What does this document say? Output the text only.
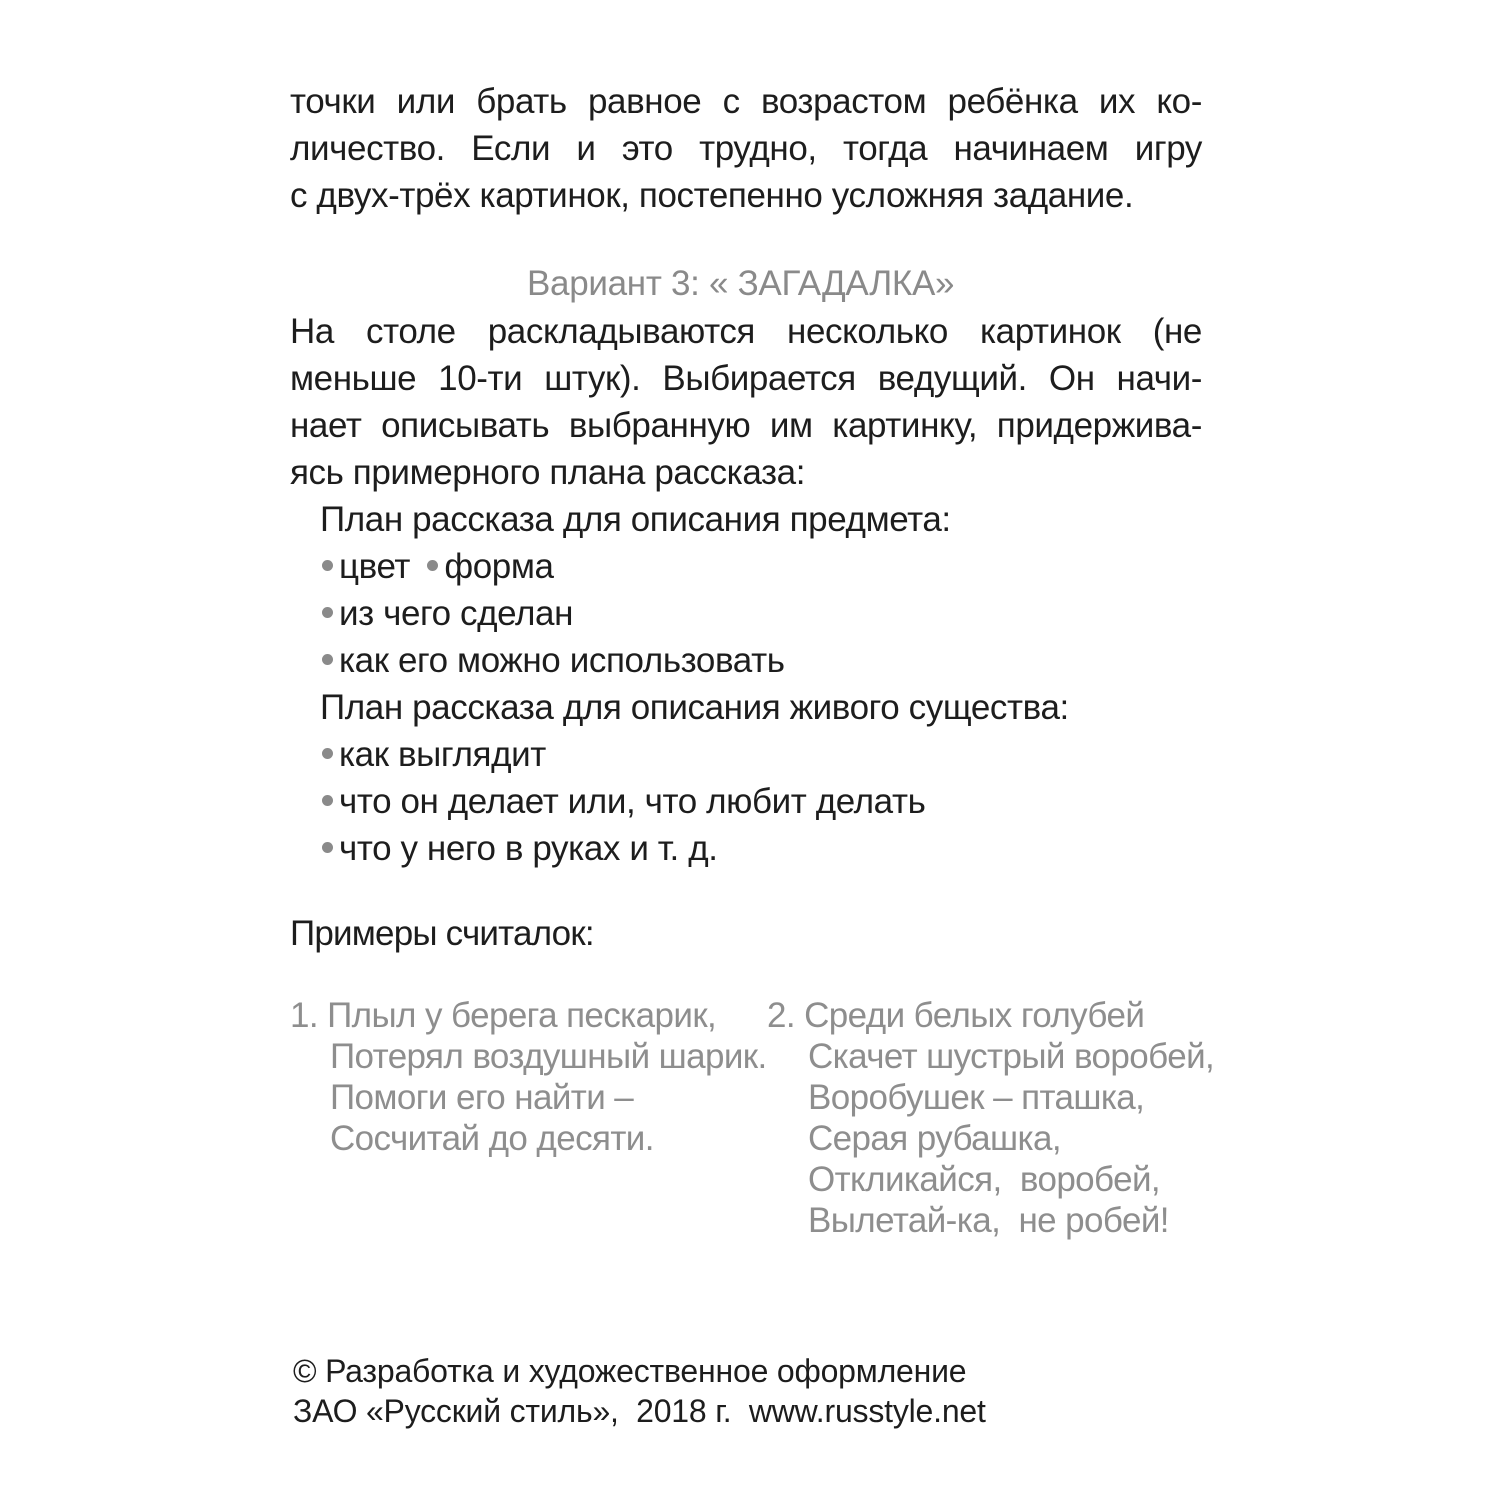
точки или брать равное с возрастом ребёнка их ко-
личество. Если и это трудно, тогда начинаем игру
с двух-трёх картинок, постепенно усложняя задание.
Вариант 3: « ЗАГАДАЛКА»
На столе раскладываются несколько картинок (не
меньше 10-ти штук). Выбирается ведущий. Он начи-
нает описывать выбранную им картинку, придержива-
ясь примерного плана рассказа:
План рассказа для описания предмета:
цвет форма
из чего сделан
как его можно использовать
План рассказа для описания живого существа:
как выглядит
что он делает или, что любит делать
что у него в руках и т. д.
Примеры считалок:
1. Плыл у берега пескарик,
Потерял воздушный шарик.
Помоги его найти –
Сосчитай до десяти.
2. Среди белых голубей
Скачет шустрый воробей,
Воробушек – пташка,
Серая рубашка,
Откликайся,  воробей,
Вылетай-ка,  не робей!
© Разработка и художественное оформление
ЗАО «Русский стиль»,  2018 г.  www.russtyle.net
